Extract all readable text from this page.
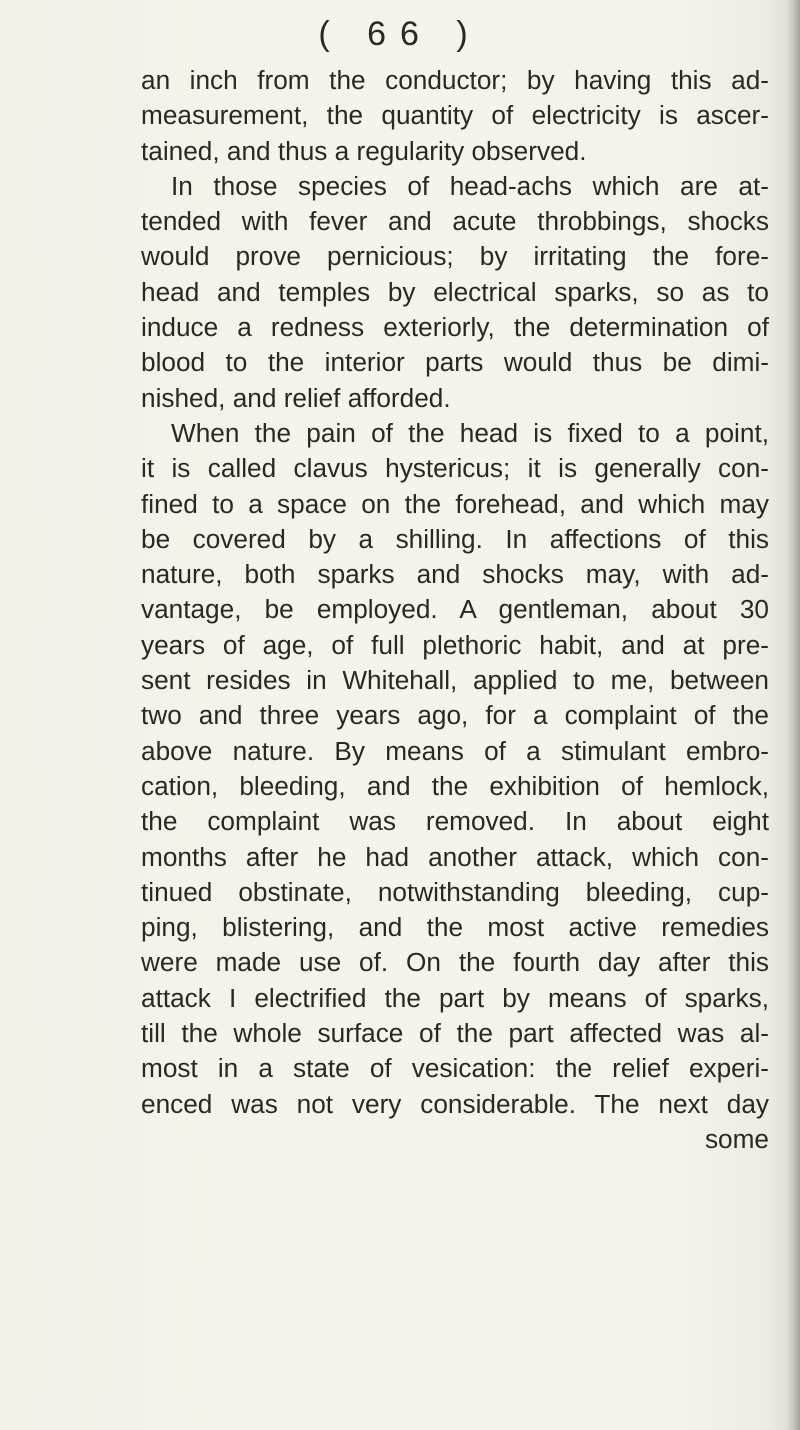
( 66 )
an inch from the conductor; by having this ad-
measurement, the quantity of electricity is ascer-
tained, and thus a regularity observed.
In those species of head-achs which are at-
tended with fever and acute throbbings, shocks
would prove pernicious; by irritating the fore-
head and temples by electrical sparks, so as to
induce a redness exteriorly, the determination of
blood to the interior parts would thus be dimi-
nished, and relief afforded.
When the pain of the head is fixed to a point,
it is called clavus hystericus; it is generally con-
fined to a space on the forehead, and which may
be covered by a shilling. In affections of this
nature, both sparks and shocks may, with ad-
vantage, be employed. A gentleman, about 30
years of age, of full plethoric habit, and at pre-
sent resides in Whitehall, applied to me, between
two and three years ago, for a complaint of the
above nature. By means of a stimulant embro-
cation, bleeding, and the exhibition of hemlock,
the complaint was removed. In about eight
months after he had another attack, which con-
tinued obstinate, notwithstanding bleeding, cup-
ping, blistering, and the most active remedies
were made use of. On the fourth day after this
attack I electrified the part by means of sparks,
till the whole surface of the part affected was al-
most in a state of vesication: the relief experi-
enced was not very considerable. The next day
some
